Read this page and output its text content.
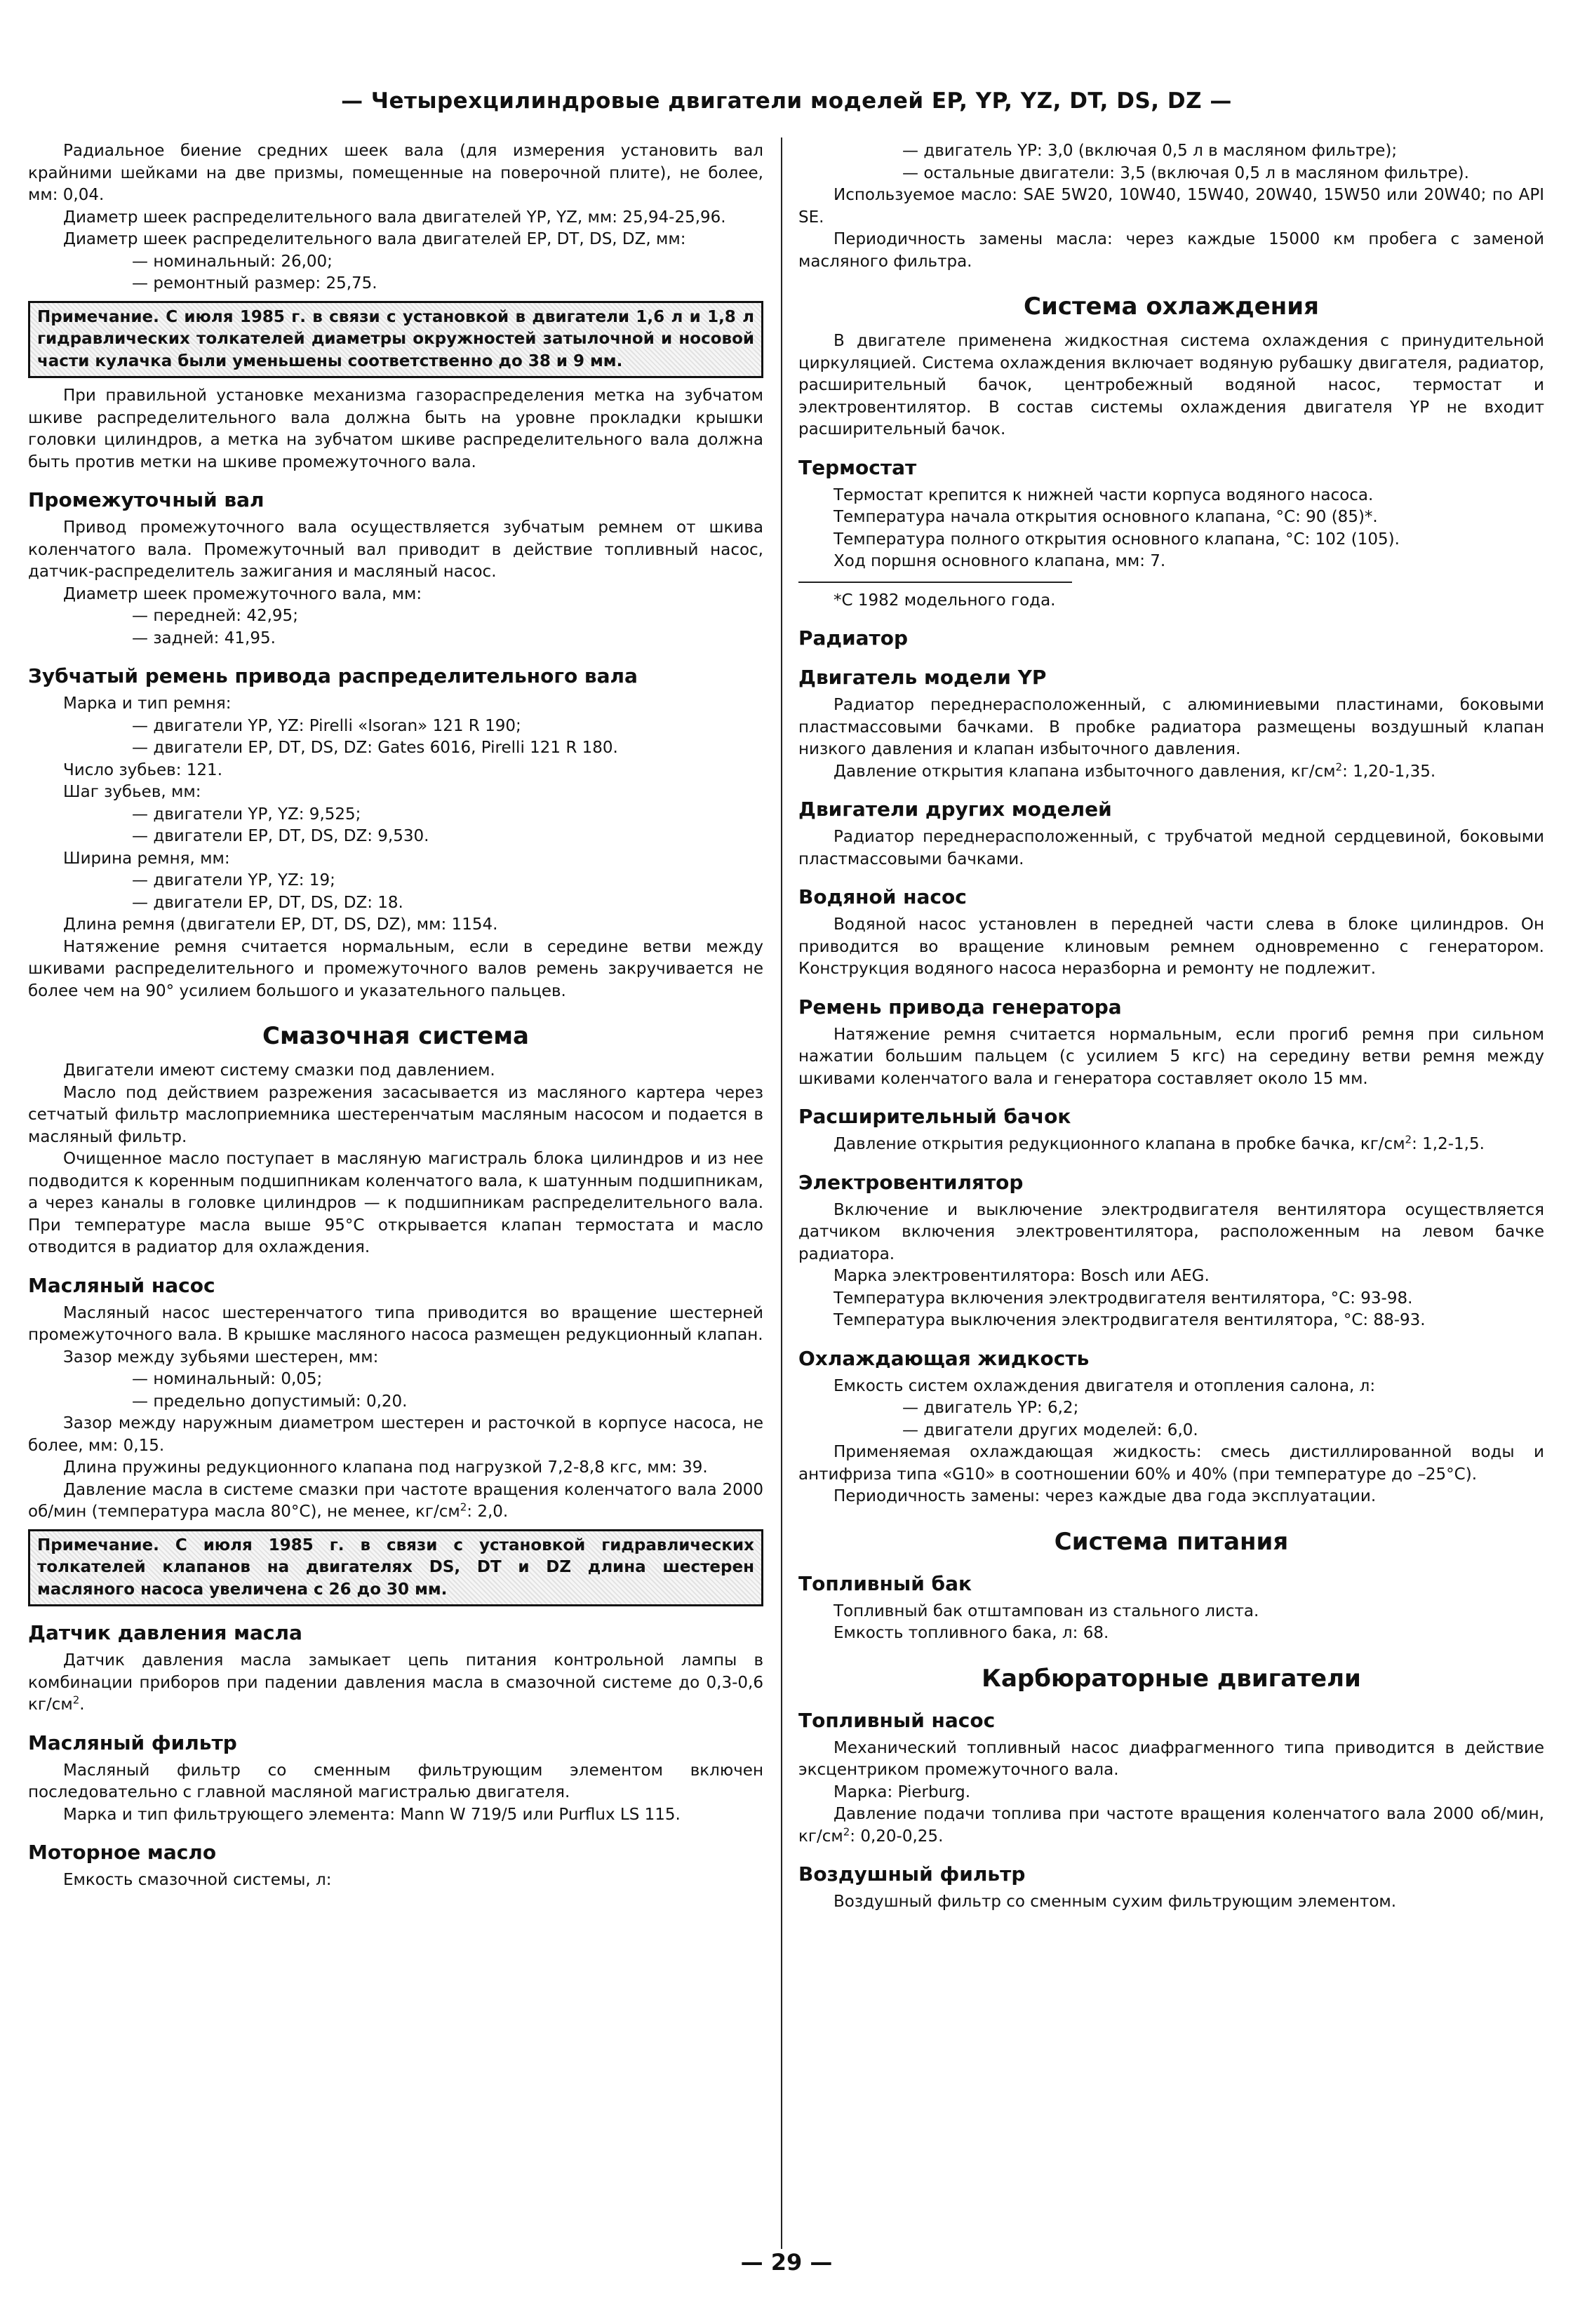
— Четырехцилиндровые двигатели моделей EP, YP, YZ, DT, DS, DZ —

Радиальное биение средних шеек вала (для измерения установить вал крайними шейками на две призмы, помещенные на поверочной плите), не более, мм: 0,04.

Диаметр шеек распределительного вала двигателей YP, YZ, мм: 25,94-25,96.

Диаметр шеек распределительного вала двигателей EP, DT, DS, DZ, мм:

— номинальный: 26,00;

— ремонтный размер: 25,75.

Примечание. С июля 1985 г. в связи с установкой в двигатели 1,6 л и 1,8 л гидравлических толкателей диаметры окружностей затылочной и носовой части кулачка были уменьшены соответственно до 38 и 9 мм.

При правильной установке механизма газораспределения метка на зубчатом шкиве распределительного вала должна быть на уровне прокладки крышки головки цилиндров, а метка на зубчатом шкиве распределительного вала должна быть против метки на шкиве промежуточного вала.

Промежуточный вал

Привод промежуточного вала осуществляется зубчатым ремнем от шкива коленчатого вала. Промежуточный вал приводит в действие топливный насос, датчик-распределитель зажигания и масляный насос.

Диаметр шеек промежуточного вала, мм:

— передней: 42,95;

— задней: 41,95.

Зубчатый ремень привода распределительного вала

Марка и тип ремня:

— двигатели YP, YZ: Pirelli «Isoran» 121 R 190;

— двигатели EP, DT, DS, DZ: Gates 6016, Pirelli 121 R 180.

Число зубьев: 121.

Шаг зубьев, мм:

— двигатели YP, YZ: 9,525;

— двигатели EP, DT, DS, DZ: 9,530.

Ширина ремня, мм:

— двигатели YP, YZ: 19;

— двигатели EP, DT, DS, DZ: 18.

Длина ремня (двигатели EP, DT, DS, DZ), мм: 1154.

Натяжение ремня считается нормальным, если в середине ветви между шкивами распределительного и промежуточного валов ремень закручивается не более чем на 90° усилием большого и указательного пальцев.

Смазочная система

Двигатели имеют систему смазки под давлением.

Масло под действием разрежения засасывается из масляного картера через сетчатый фильтр маслоприемника шестеренчатым масляным насосом и подается в масляный фильтр.

Очищенное масло поступает в масляную магистраль блока цилиндров и из нее подводится к коренным подшипникам коленчатого вала, к шатунным подшипникам, а через каналы в головке цилиндров — к подшипникам распределительного вала. При температуре масла выше 95°С открывается клапан термостата и масло отводится в радиатор для охлаждения.

Масляный насос

Масляный насос шестеренчатого типа приводится во вращение шестерней промежуточного вала. В крышке масляного насоса размещен редукционный клапан.

Зазор между зубьями шестерен, мм:

— номинальный: 0,05;

— предельно допустимый: 0,20.

Зазор между наружным диаметром шестерен и расточкой в корпусе насоса, не более, мм: 0,15.

Длина пружины редукционного клапана под нагрузкой 7,2-8,8 кгс, мм: 39.

Давление масла в системе смазки при частоте вращения коленчатого вала 2000 об/мин (температура масла 80°С), не менее, $кг/см^2$: 2,0.

Примечание. С июля 1985 г. в связи с установкой гидравлических толкателей клапанов на двигателях DS, DT и DZ длина шестерен масляного насоса увеличена с 26 до 30 мм.
Датчик давления масла

Датчик давления масла замыкает цепь питания контрольной лампы в комбинации приборов при падении давления масла в смазочной системе до 0,3-0,6 $кг/см^2$.

Масляный фильтр

Масляный фильтр со сменным фильтрующим элементом включен последовательно с главной масляной магистралью двигателя.

Марка и тип фильтрующего элемента: Mann W 719/5 или Purflux LS 115.

Моторное масло

Емкость смазочной системы, л:

— двигатель YP: 3,0 (включая 0,5 л в масляном фильтре);

— остальные двигатели: 3,5 (включая 0,5 л в масляном фильтре).

Используемое масло: SAE 5W20, 10W40, 15W40, 20W40, 15W50 или 20W40; по API SE.

Периодичность замены масла: через каждые 15000 км пробега с заменой масляного фильтра.

Система охлаждения

В двигателе применена жидкостная система охлаждения с принудительной циркуляцией. Система охлаждения включает водяную рубашку двигателя, радиатор, расширительный бачок, центробежный водяной насос, термостат и электровентилятор. В состав системы охлаждения двигателя YP не входит расширительный бачок.

Термостат

Термостат крепится к нижней части корпуса водяного насоса.

Температура начала открытия основного клапана, °С: 90 (85)*.

Температура полного открытия основного клапана, °С: 102 (105).

Ход поршня основного клапана, мм: 7.

*С 1982 модельного года.

Радиатор
Двигатель модели YP

Радиатор переднерасположенный, с алюминиевыми пластинами, боковыми пластмассовыми бачками. В пробке радиатора размещены воздушный клапан низкого давления и клапан избыточного давления.

Давление открытия клапана избыточного давления, $кг/см^2$: 1,20-1,35.

Двигатели других моделей

Радиатор переднерасположенный, с трубчатой медной сердцевиной, боковыми пластмассовыми бачками.

Водяной насос

Водяной насос установлен в передней части слева в блоке цилиндров. Он приводится во вращение клиновым ремнем одновременно с генератором. Конструкция водяного насоса неразборна и ремонту не подлежит.

Ремень привода генератора

Натяжение ремня считается нормальным, если прогиб ремня при сильном нажатии большим пальцем (с усилием 5 кгс) на середину ветви ремня между шкивами коленчатого вала и генератора составляет около 15 мм.

Расширительный бачок

Давление открытия редукционного клапана в пробке бачка, $кг/см^2$: 1,2-1,5.

Электровентилятор

Включение и выключение электродвигателя вентилятора осуществляется датчиком включения электровентилятора, расположенным на левом бачке радиатора.

Марка электровентилятора: Bosch или AEG.

Температура включения электродвигателя вентилятора, °С: 93-98.

Температура выключения электродвигателя вентилятора, °С: 88-93.

Охлаждающая жидкость

Емкость систем охлаждения двигателя и отопления салона, л:

— двигатель YP: 6,2;

— двигатели других моделей: 6,0.

Применяемая охлаждающая жидкость: смесь дистиллированной воды и антифриза типа «G10» в соотношении 60% и 40% (при температуре до –25°С).

Периодичность замены: через каждые два года эксплуатации.

Система питания
Топливный бак

Топливный бак отштампован из стального листа.

Емкость топливного бака, л: 68.

Карбюраторные двигатели
Топливный насос

Механический топливный насос диафрагменного типа приводится в действие эксцентриком промежуточного вала.

Марка: Pierburg.

Давление подачи топлива при частоте вращения коленчатого вала 2000 об/мин, $кг/см^2$: 0,20-0,25.

Воздушный фильтр

Воздушный фильтр со сменным сухим фильтрующим элементом.

— 29 —
